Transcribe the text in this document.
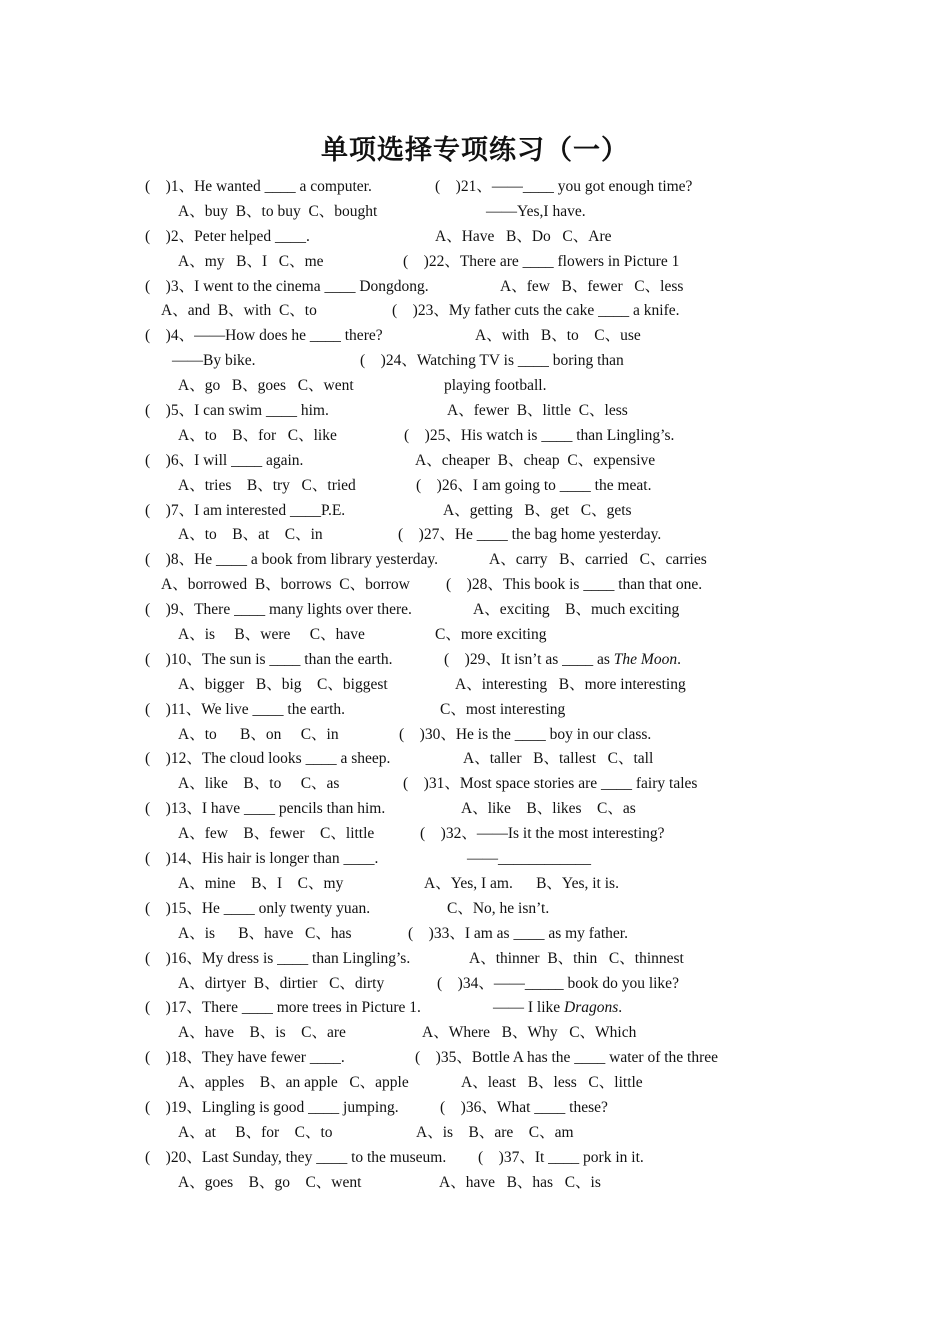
单项选择专项练习（一）
(    )1、He wanted ____ a computer.	(    )21、——____ you got enough time?
A、buy  B、to buy  C、bought	——Yes,I have.
(    )2、Peter helped ____.	A、Have   B、Do   C、Are
A、my   B、I   C、me	(    )22、There are ____ flowers in Picture 1
(    )3、I went to the cinema ____ Dongdong.	A、few   B、fewer   C、less
A、and  B、with  C、to	(    )23、My father cuts the cake ____ a knife.
(    )4、——How does he ____ there?	A、with   B、to    C、use
——By bike.	(    )24、Watching TV is ____ boring than
A、go   B、goes   C、went	playing football.
(    )5、I can swim ____ him.	A、fewer  B、little  C、less
A、to    B、for   C、like	(    )25、His watch is ____ than Lingling’s.
(    )6、I will ____ again.	A、cheaper  B、cheap  C、expensive
A、tries    B、try   C、tried	(    )26、I am going to ____ the meat.
(    )7、I am interested ____P.E.	A、getting   B、get   C、gets
A、to    B、at    C、in	(    )27、He ____ the bag home yesterday.
(    )8、He ____ a book from library yesterday.	A、carry   B、carried   C、carries
A、borrowed  B、borrows  C、borrow (    )28、This book is ____ than that one.
(    )9、There ____ many lights over there.	A、exciting    B、much exciting
A、is     B、were     C、have	C、more exciting
(    )10、The sun is ____ than the earth.	(    )29、It isn’t as ____ as The Moon.
A、bigger   B、big    C、biggest	A、interesting   B、more interesting
(    )11、We live ____ the earth.	C、most interesting
A、to      B、on     C、in	(    )30、He is the ____ boy in our class.
(    )12、The cloud looks ____ a sheep.	A、taller   B、tallest   C、tall
A、like    B、to     C、as	(    )31、Most space stories are ____ fairy tales
(    )13、I have ____ pencils than him.	A、like    B、likes    C、as
A、few    B、fewer    C、little	(    )32、——Is it the most interesting?
(    )14、His hair is longer than ____.	——____________
A、mine    B、I    C、my	A、Yes, I am.      B、Yes, it is.
(    )15、He ____ only twenty yuan.	C、No, he isn’t.
A、is      B、have   C、has	(    )33、I am as ____ as my father.
(    )16、My dress is ____ than Lingling’s.	A、thinner  B、thin   C、thinnest
A、dirtyer  B、dirtier   C、dirty	(    )34、——_____ book do you like?
(    )17、There ____ more trees in Picture 1.	—— I like Dragons.
A、have    B、is    C、are	A、Where   B、Why   C、Which
(    )18、They have fewer ____.	(    )35、Bottle A has the ____ water of the three
A、apples    B、an apple   C、apple	A、least   B、less   C、little
(    )19、Lingling is good ____ jumping.	(    )36、What ____ these?
A、at     B、for    C、to	A、is    B、are    C、am
(    )20、Last Sunday, they ____ to the museum. (    )37、It ____ pork in it.
A、goes    B、go    C、went	A、have   B、has   C、is
